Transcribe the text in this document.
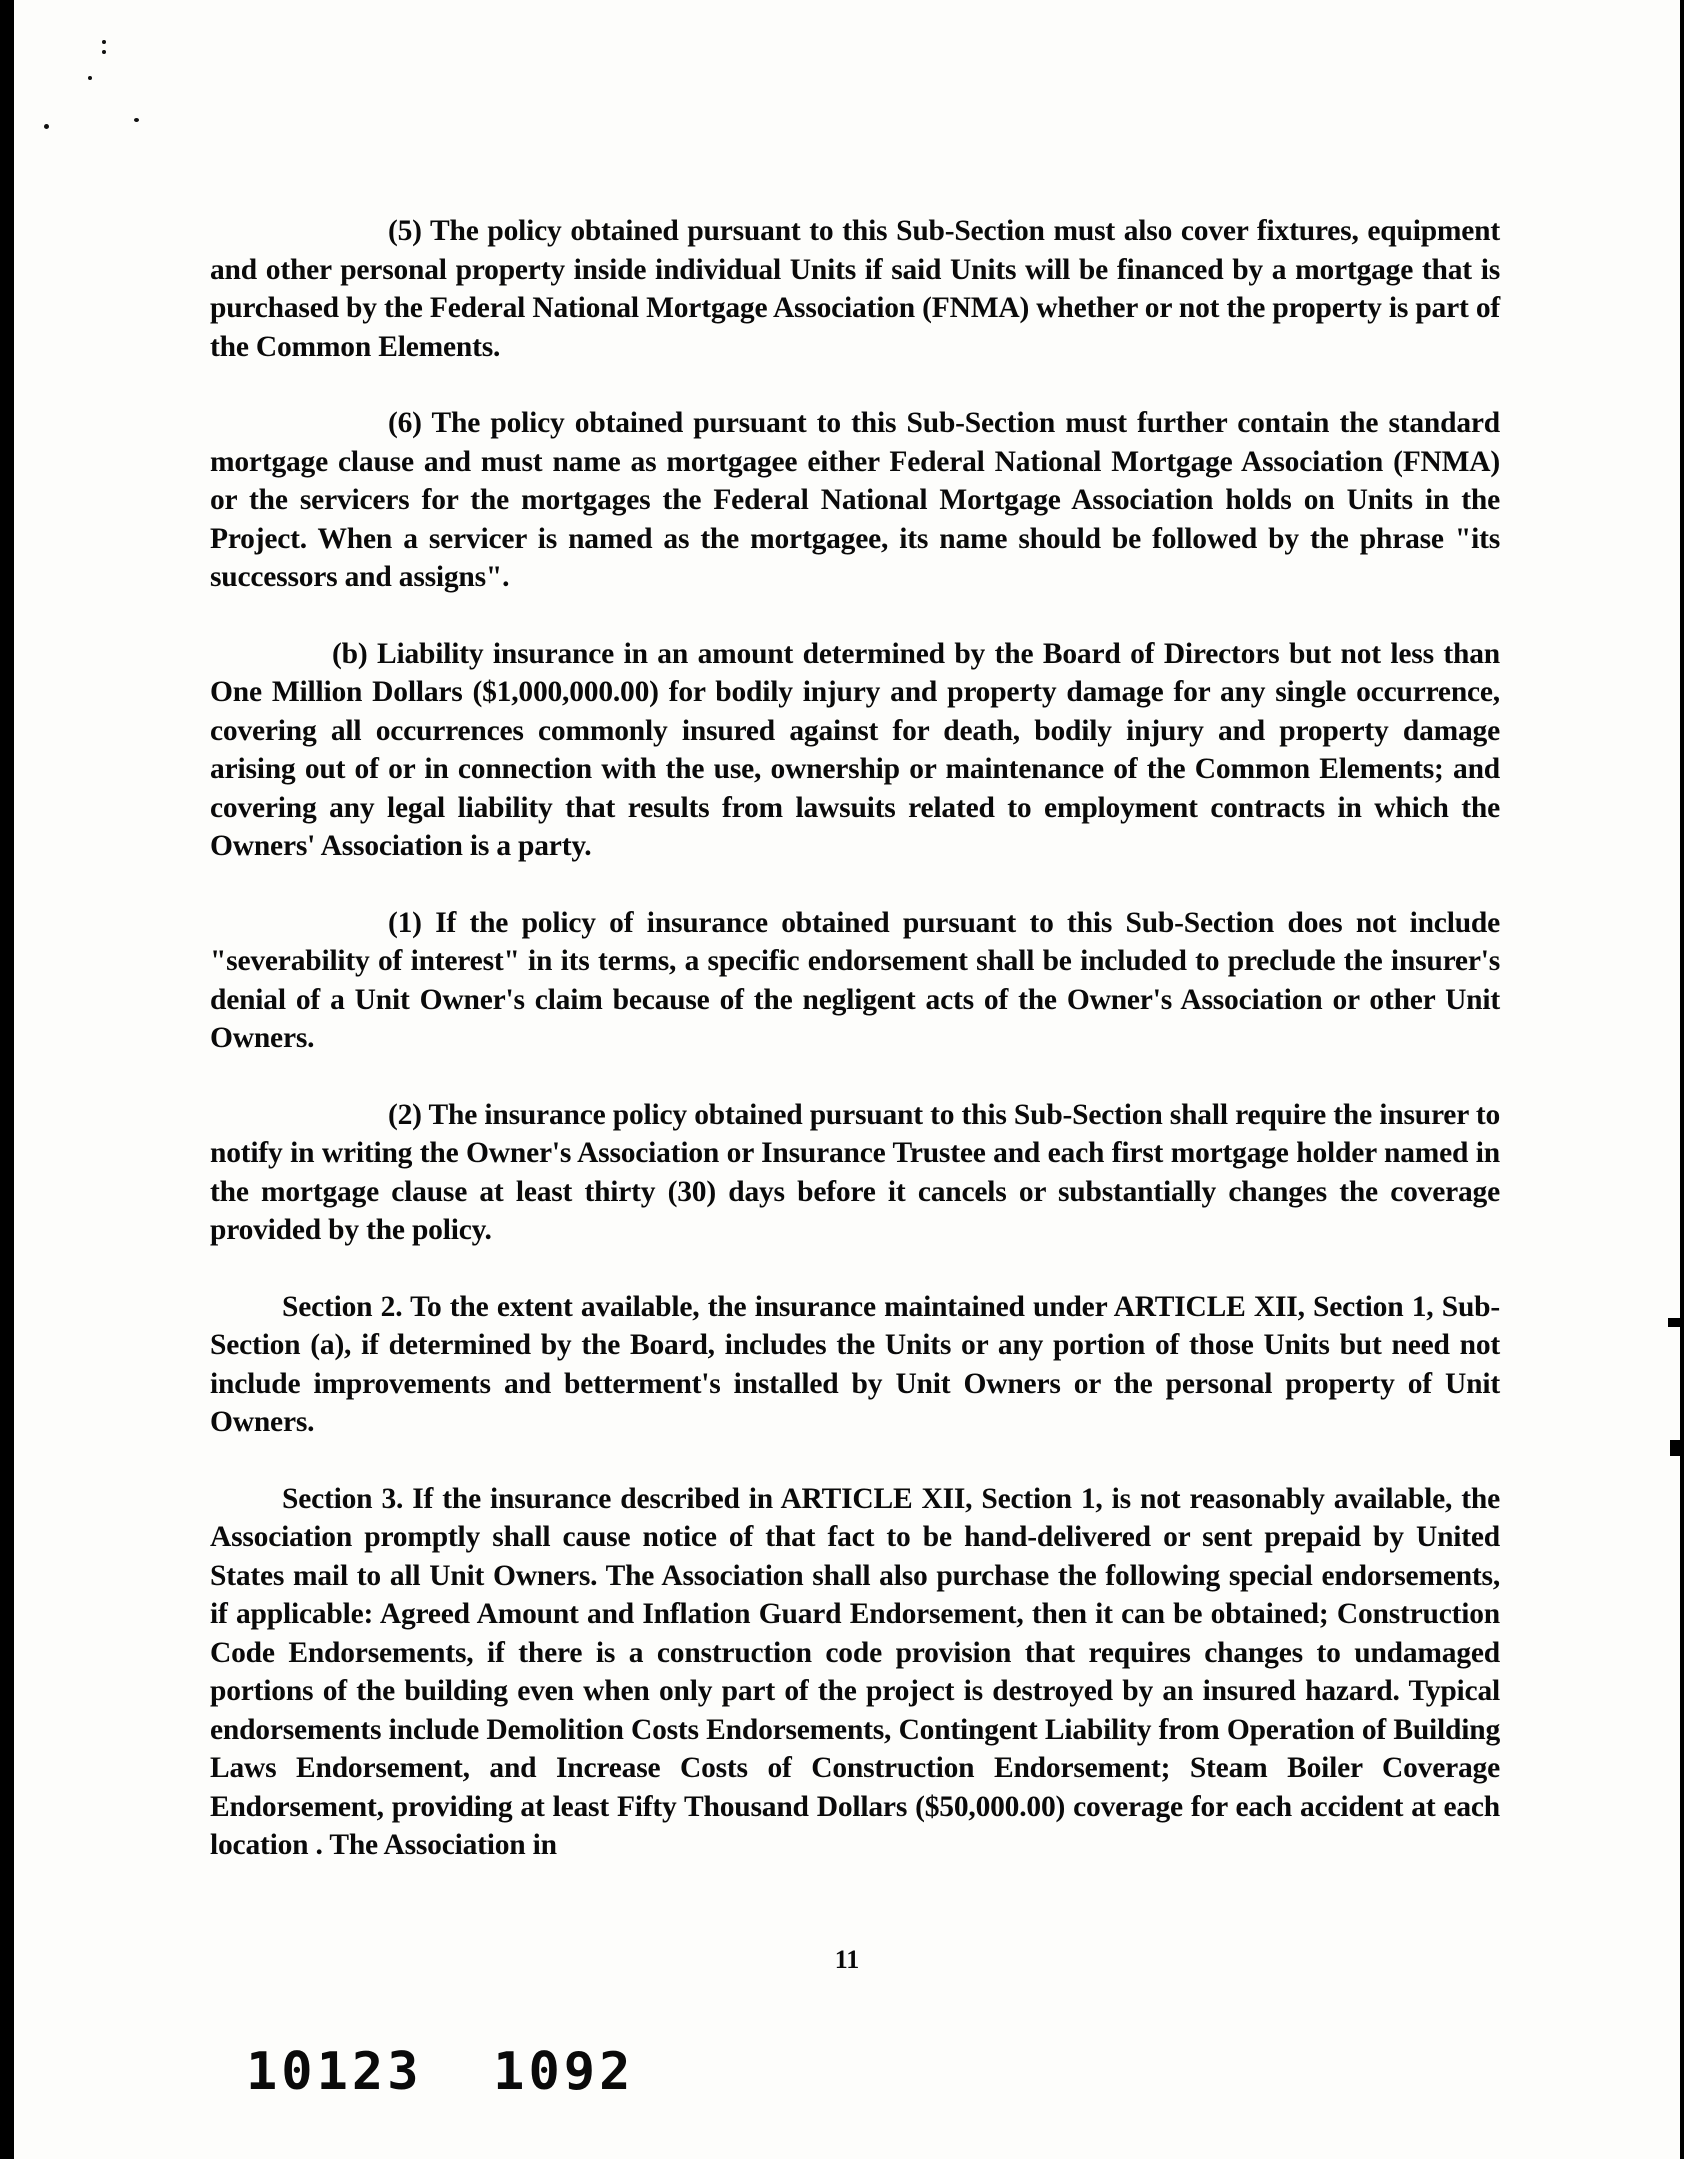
(5) The policy obtained pursuant to this Sub-Section must also cover fixtures, equipment and other personal property inside individual Units if said Units will be financed by a mortgage that is purchased by the Federal National Mortgage Association (FNMA) whether or not the property is part of the Common Elements.

(6) The policy obtained pursuant to this Sub-Section must further contain the standard mortgage clause and must name as mortgagee either Federal National Mortgage Association (FNMA) or the servicers for the mortgages the Federal National Mortgage Association holds on Units in the Project. When a servicer is named as the mortgagee, its name should be followed by the phrase "its successors and assigns".

(b) Liability insurance in an amount determined by the Board of Directors but not less than One Million Dollars ($1,000,000.00) for bodily injury and property damage for any single occurrence, covering all occurrences commonly insured against for death, bodily injury and property damage arising out of or in connection with the use, ownership or maintenance of the Common Elements; and covering any legal liability that results from lawsuits related to employment contracts in which the Owners' Association is a party.

(1) If the policy of insurance obtained pursuant to this Sub-Section does not include "severability of interest" in its terms, a specific endorsement shall be included to preclude the insurer's denial of a Unit Owner's claim because of the negligent acts of the Owner's Association or other Unit Owners.

(2) The insurance policy obtained pursuant to this Sub-Section shall require the insurer to notify in writing the Owner's Association or Insurance Trustee and each first mortgage holder named in the mortgage clause at least thirty (30) days before it cancels or substantially changes the coverage provided by the policy.

Section 2. To the extent available, the insurance maintained under ARTICLE XII, Section 1, Sub-Section (a), if determined by the Board, includes the Units or any portion of those Units but need not include improvements and betterment's installed by Unit Owners or the personal property of Unit Owners.

Section 3. If the insurance described in ARTICLE XII, Section 1, is not reasonably available, the Association promptly shall cause notice of that fact to be hand-delivered or sent prepaid by United States mail to all Unit Owners. The Association shall also purchase the following special endorsements, if applicable: Agreed Amount and Inflation Guard Endorsement, then it can be obtained; Construction Code Endorsements, if there is a construction code provision that requires changes to undamaged portions of the building even when only part of the project is destroyed by an insured hazard. Typical endorsements include Demolition Costs Endorsements, Contingent Liability from Operation of Building Laws Endorsement, and Increase Costs of Construction Endorsement; Steam Boiler Coverage Endorsement, providing at least Fifty Thousand Dollars ($50,000.00) coverage for each accident at each location . The Association in

11
10123  1092
